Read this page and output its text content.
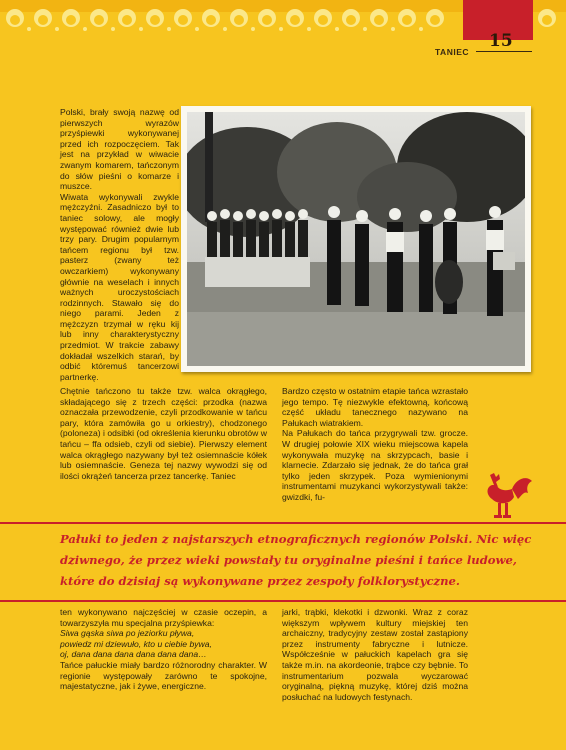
TANIEC
15

Polski, brały swoją nazwę od pierwszych wyrazów przyśpiewki wykonywanej przed ich rozpoczęciem. Tak jest na przykład w wiwacie zwanym komarem, tańczonym do słów pieśni o komarze i muszce.

Wiwata wykonywali zwykle mężczyźni. Zasadniczo był to taniec solowy, ale mogły występować również dwie lub trzy pary. Drugim popularnym tańcem regionu był tzw. pasterz (zwany też owczarkiem) wykonywany głównie na weselach i innych ważnych uroczystościach rodzinnych. Stawało się do niego parami. Jeden z mężczyzn trzymał w ręku kij lub inny charakterystyczny przedmiot. W trakcie zabawy dokładał wszelkich starań, by odbić któremuś tancerzowi partnerkę.

Chętnie tańczono tu także tzw. walca okrągłego, składającego się z trzech części: przodka (nazwa oznaczała przewodzenie, czyli przodkowanie w tańcu pary, która zamówiła go u orkiestry), chodzonego (poloneza) i odsibki (od określenia kierunku obrotów w tańcu – ffa odsieb, czyli od siebie). Pierwszy element walca okrągłego nazywany był też osiemnaście kółek lub osiemnaście. Geneza tej nazwy wywodzi się od ilości okrążeń tancerza przez tancerkę. Taniec

Bardzo często w ostatnim etapie tańca wzrastało jego tempo. Tę niezwykle efektowną, końcową część układu tanecznego nazywano na Pałukach wiatrakiem.

Na Pałukach do tańca przygrywali tzw. grocze. W drugiej połowie XIX wieku miejscowa kapela wykonywała muzykę na skrzypcach, basie i klarnecie. Zdarzało się jednak, że do tańca grał tylko jeden skrzypek. Poza wymienionymi instrumentami muzykanci wykorzystywali także: gwizdki, fu-

Pałuki to jeden z najstarszych etnograficznych regionów Polski. Nic więc dziwnego, że przez wieki powstały tu oryginalne pieśni i tańce ludowe, które do dzisiaj są wykonywane przez zespoły folklorystyczne.

ten wykonywano najczęściej w czasie oczepin, a towarzyszyła mu specjalna przyśpiewka:

Siwa gąska siwa po jeziorku pływa,

powiedz mi dziewuło, kto u ciebie bywa,

oj, dana dana dana dana dana dana…

Tańce pałuckie miały bardzo różnorodny charakter. W regionie występowały zarówno te spokojne, majestatyczne, jak i żywe, energiczne.

jarki, trąbki, klekotki i dzwonki. Wraz z coraz większym wpływem kultury miejskiej ten archaiczny, tradycyjny zestaw został zastąpiony przez instrumenty fabryczne i lutnicze. Współcześnie w pałuckich kapelach gra się także m.in. na akordeonie, trąbce czy bębnie. To instrumentarium pozwala wyczarować oryginalną, piękną muzykę, której dziś można posłuchać na ludowych festynach.
